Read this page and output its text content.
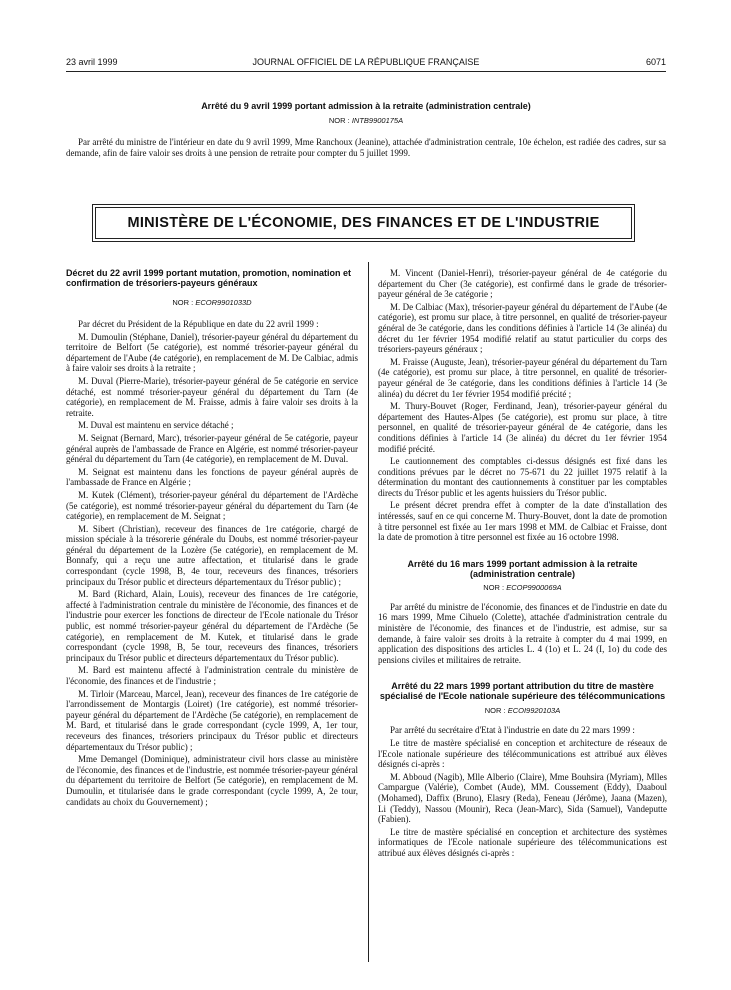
23 avril 1999	JOURNAL OFFICIEL DE LA RÉPUBLIQUE FRANÇAISE	6071
Arrêté du 9 avril 1999 portant admission à la retraite (administration centrale)
NOR : INTB9900175A

Par arrêté du ministre de l'intérieur en date du 9 avril 1999, Mme Ranchoux (Jeanine), attachée d'administration centrale, 10e échelon, est radiée des cadres, sur sa demande, afin de faire valoir ses droits à une pension de retraite pour compter du 5 juillet 1999.

MINISTÈRE DE L'ÉCONOMIE, DES FINANCES ET DE L'INDUSTRIE
Décret du 22 avril 1999 portant mutation, promotion, nomination et confirmation de trésoriers-payeurs généraux
NOR : ECOR9901033D

Par décret du Président de la République en date du 22 avril 1999 :

M. Dumoulin (Stéphane, Daniel), trésorier-payeur général du département du territoire de Belfort (5e catégorie), est nommé trésorier-payeur général du département de l'Aube (4e catégorie), en remplacement de M. De Calbiac, admis à faire valoir ses droits à la retraite ;

M. Duval (Pierre-Marie), trésorier-payeur général de 5e catégorie en service détaché, est nommé trésorier-payeur général du département du Tarn (4e catégorie), en remplacement de M. Fraisse, admis à faire valoir ses droits à la retraite.

M. Duval est maintenu en service détaché ;

M. Seignat (Bernard, Marc), trésorier-payeur général de 5e catégorie, payeur général auprès de l'ambassade de France en Algérie, est nommé trésorier-payeur général du département du Tarn (4e catégorie), en remplacement de M. Duval.

M. Seignat est maintenu dans les fonctions de payeur général auprès de l'ambassade de France en Algérie ;

M. Kutek (Clément), trésorier-payeur général du département de l'Ardèche (5e catégorie), est nommé trésorier-payeur général du département du Tarn (4e catégorie), en remplacement de M. Seignat ;

M. Sibert (Christian), receveur des finances de 1re catégorie, chargé de mission spéciale à la trésorerie générale du Doubs, est nommé trésorier-payeur général du département de la Lozère (5e catégorie), en remplacement de M. Bonnafy, qui a reçu une autre affectation, et titularisé dans le grade correspondant (cycle 1998, B, 4e tour, receveurs des finances, trésoriers principaux du Trésor public et directeurs départementaux du Trésor public) ;

M. Bard (Richard, Alain, Louis), receveur des finances de 1re catégorie, affecté à l'administration centrale du ministère de l'économie, des finances et de l'industrie pour exercer les fonctions de directeur de l'Ecole nationale du Trésor public, est nommé trésorier-payeur général du département de l'Ardèche (5e catégorie), en remplacement de M. Kutek, et titularisé dans le grade correspondant (cycle 1998, B, 5e tour, receveurs des finances, trésoriers principaux du Trésor public et directeurs départementaux du Trésor public).

M. Bard est maintenu affecté à l'administration centrale du ministère de l'économie, des finances et de l'industrie ;

M. Tirloir (Marceau, Marcel, Jean), receveur des finances de 1re catégorie de l'arrondissement de Montargis (Loiret) (1re catégorie), est nommé trésorier-payeur général du département de l'Ardèche (5e catégorie), en remplacement de M. Bard, et titularisé dans le grade correspondant (cycle 1999, A, 1er tour, receveurs des finances, trésoriers principaux du Trésor public et directeurs départementaux du Trésor public) ;

Mme Demangel (Dominique), administrateur civil hors classe au ministère de l'économie, des finances et de l'industrie, est nommée trésorier-payeur général du département du territoire de Belfort (5e catégorie), en remplacement de M. Dumoulin, et titularisée dans le grade correspondant (cycle 1999, A, 2e tour, candidats au choix du Gouvernement) ;

M. Vincent (Daniel-Henri), trésorier-payeur général de 4e catégorie du département du Cher (3e catégorie), est confirmé dans le grade de trésorier-payeur général de 3e catégorie ;

M. De Calbiac (Max), trésorier-payeur général du département de l'Aube (4e catégorie), est promu sur place, à titre personnel, en qualité de trésorier-payeur général de 3e catégorie, dans les conditions définies à l'article 14 (3e alinéa) du décret du 1er février 1954 modifié relatif au statut particulier du corps des trésoriers-payeurs généraux ;

M. Fraisse (Auguste, Jean), trésorier-payeur général du département du Tarn (4e catégorie), est promu sur place, à titre personnel, en qualité de trésorier-payeur général de 3e catégorie, dans les conditions définies à l'article 14 (3e alinéa) du décret du 1er février 1954 modifié précité ;

M. Thury-Bouvet (Roger, Ferdinand, Jean), trésorier-payeur général du département des Hautes-Alpes (5e catégorie), est promu sur place, à titre personnel, en qualité de trésorier-payeur général de 4e catégorie, dans les conditions définies à l'article 14 (3e alinéa) du décret du 1er février 1954 modifié précité.

Le cautionnement des comptables ci-dessus désignés est fixé dans les conditions prévues par le décret no 75-671 du 22 juillet 1975 relatif à la détermination du montant des cautionnements à constituer par les comptables directs du Trésor public et les agents huissiers du Trésor public.

Le présent décret prendra effet à compter de la date d'installation des intéressés, sauf en ce qui concerne M. Thury-Bouvet, dont la date de promotion à titre personnel est fixée au 1er mars 1998 et MM. de Calbiac et Fraisse, dont la date de promotion à titre personnel est fixée au 16 octobre 1998.

Arrêté du 16 mars 1999 portant admission à la retraite (administration centrale)
NOR : ECOP9900069A

Par arrêté du ministre de l'économie, des finances et de l'industrie en date du 16 mars 1999, Mme Cihuelo (Colette), attachée d'administration centrale du ministère de l'économie, des finances et de l'industrie, est admise, sur sa demande, à faire valoir ses droits à la retraite à compter du 4 mai 1999, en application des dispositions des articles L. 4 (1o) et L. 24 (I, 1o) du code des pensions civiles et militaires de retraite.

Arrêté du 22 mars 1999 portant attribution du titre de mastère spécialisé de l'Ecole nationale supérieure des télécommunications
NOR : ECOI9920103A

Par arrêté du secrétaire d'Etat à l'industrie en date du 22 mars 1999 :

Le titre de mastère spécialisé en conception et architecture de réseaux de l'Ecole nationale supérieure des télécommunications est attribué aux élèves désignés ci-après :

M. Abboud (Nagib), Mlle Alberio (Claire), Mme Bouhsira (Myriam), Mlles Campargue (Valérie), Combet (Aude), MM. Coussement (Eddy), Daaboul (Mohamed), Daffix (Bruno), Elasry (Reda), Feneau (Jérôme), Jaana (Mazen), Li (Teddy), Nassou (Mounir), Reca (Jean-Marc), Sida (Samuel), Vandeputte (Fabien).

Le titre de mastère spécialisé en conception et architecture des systèmes informatiques de l'Ecole nationale supérieure des télécommunications est attribué aux élèves désignés ci-après :
